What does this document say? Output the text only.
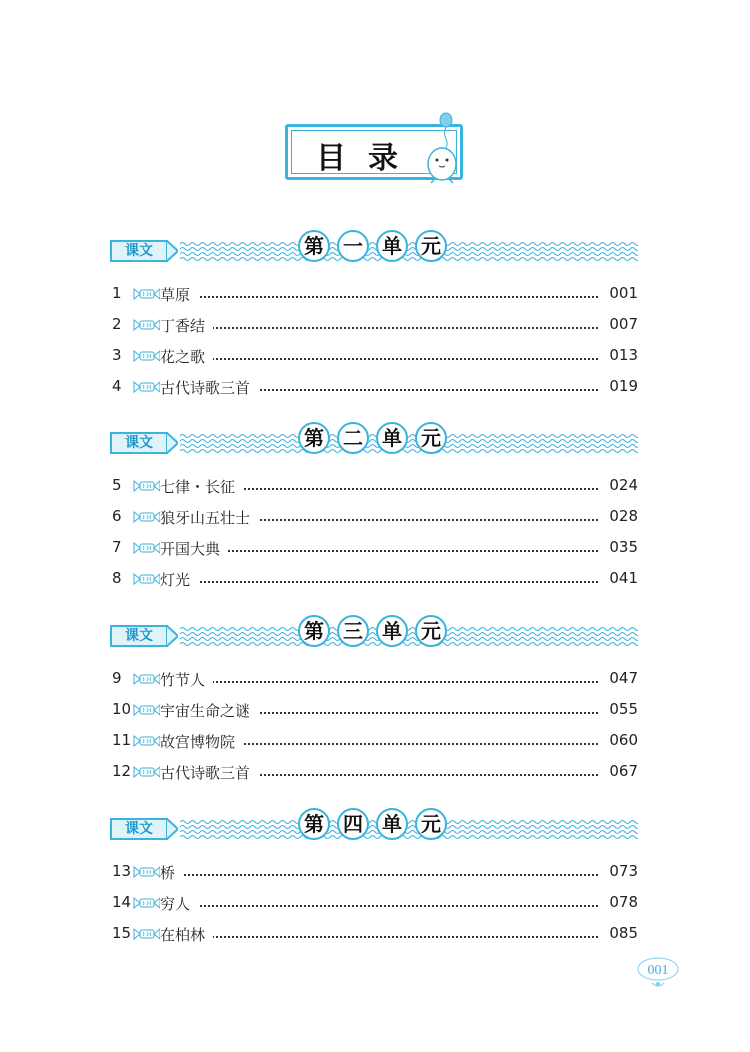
目录
课文	第 一 单 元
1	草原	001
2	丁香结	007
3	花之歌	013
4	古代诗歌三首	019
课文	第 二 单 元
5	七律・长征	024
6	狼牙山五壮士	028
7	开国大典	035
8	灯光	041
课文	第 三 单 元
9	竹节人	047
10 宇宙生命之谜	055
11 故宫博物院	060
12 古代诗歌三首	067
课文	第 四 单 元
13 桥	073
14 穷人	078
15 在柏林	085
001
